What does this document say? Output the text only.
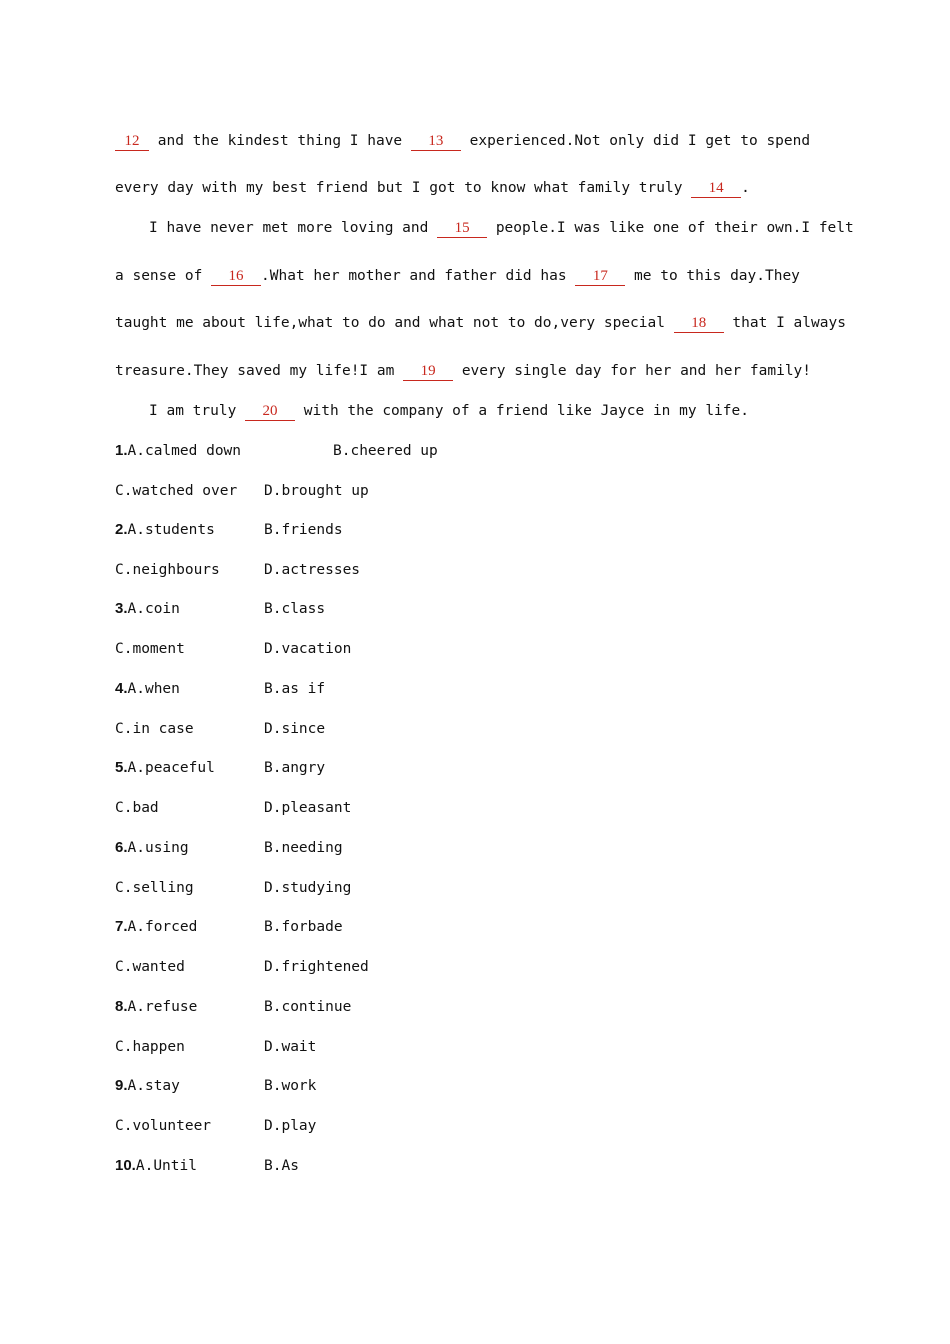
12 and the kindest thing I have 13 experienced.Not only did I get to spend
every day with my best friend but I got to know what family truly 14 .
I have never met more loving and 15 people.I was like one of their own.I felt
a sense of 16 .What her mother and father did has 17 me to this day.They
taught me about life,what to do and what not to do,very special 18 that I always
treasure.They saved my life!I am 19 every single day for her and her family!
I am truly 20 with the company of a friend like Jayce in my life.
1.A.calmed down	B.cheered up
C.watched over D.brought up
2.A.students	B.friends
C.neighbours	D.actresses
3.A.coin	B.class
C.moment	D.vacation
4.A.when	B.as if
C.in case	D.since
5.A.peaceful	B.angry
C.bad	D.pleasant
6.A.using	B.needing
C.selling	D.studying
7.A.forced	B.forbade
C.wanted	D.frightened
8.A.refuse	B.continue
C.happen	D.wait
9.A.stay	B.work
C.volunteer	D.play
10.A.Until	B.As
